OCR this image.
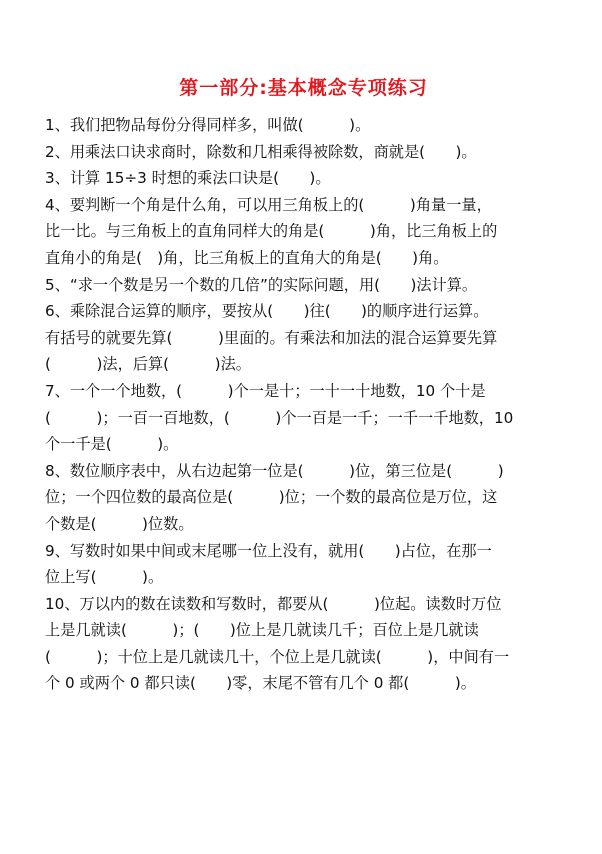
第一部分:基本概念专项练习

1、我们把物品每份分得同样多，叫做(　　　)。

2、用乘法口诀求商时，除数和几相乘得被除数，商就是(　　)。

3、计算 15÷3 时想的乘法口诀是(　　)。

4、要判断一个角是什么角，可以用三角板上的(　　　)角量一量，

比一比。与三角板上的直角同样大的角是(　　　)角，比三角板上的

直角小的角是(　)角，比三角板上的直角大的角是(　　)角。

5、“求一个数是另一个数的几倍”的实际问题，用(　　)法计算。

6、乘除混合运算的顺序，要按从(　　)往(　　)的顺序进行运算。

有括号的就要先算(　　　)里面的。有乘法和加法的混合运算要先算

(　　　)法，后算(　　　)法。

7、一个一个地数，(　　　)个一是十；一十一十地数，10 个十是

(　　　)；一百一百地数，(　　　)个一百是一千；一千一千地数，10

个一千是(　　　)。

8、数位顺序表中，从右边起第一位是(　　　)位，第三位是(　　　)

位；一个四位数的最高位是(　　　)位；一个数的最高位是万位，这

个数是(　　　)位数。

9、写数时如果中间或末尾哪一位上没有，就用(　　)占位，在那一

位上写(　　　)。

10、万以内的数在读数和写数时，都要从(　　　)位起。读数时万位

上是几就读(　　　)；(　　)位上是几就读几千；百位上是几就读

(　　　)；十位上是几就读几十，个位上是几就读(　　　)，中间有一

个 0 或两个 0 都只读(　　)零，末尾不管有几个 0 都(　　　)。
